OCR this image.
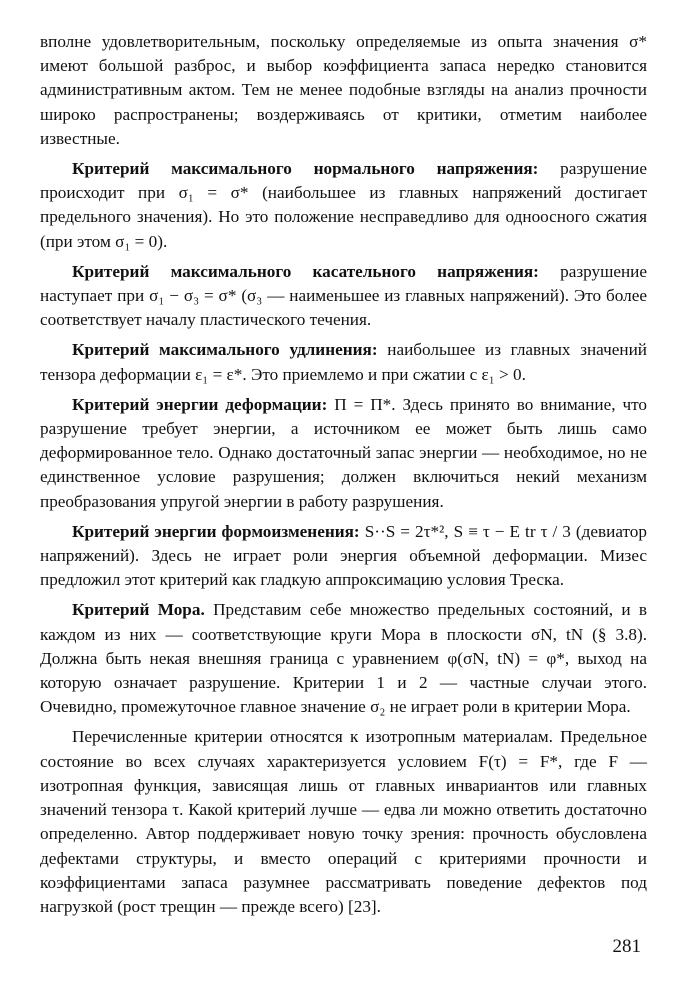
вполне удовлетворительным, поскольку определяемые из опыта значения σ* имеют большой разброс, и выбор коэффициента запаса нередко становится административным актом. Тем не менее подобные взгляды на анализ прочности широко распространены; воздерживаясь от критики, отметим наиболее известные.

Критерий максимального нормального напряжения: разрушение происходит при σ₁ = σ* (наибольшее из главных напряжений достигает предельного значения). Но это положение несправедливо для одноосного сжатия (при этом σ₁ = 0).

Критерий максимального касательного напряжения: разрушение наступает при σ₁ − σ₃ = σ* (σ₃ — наименьшее из главных напряжений). Это более соответствует началу пластического течения.

Критерий максимального удлинения: наибольшее из главных значений тензора деформации ε₁ = ε*. Это приемлемо и при сжатии с ε₁ > 0.

Критерий энергии деформации: Π = Π*. Здесь принято во внимание, что разрушение требует энергии, а источником ее может быть лишь само деформированное тело. Однако достаточный запас энергии — необходимое, но не единственное условие разрушения; должен включиться некий механизм преобразования упругой энергии в работу разрушения.

Критерий энергии формоизменения: S··S = 2τ*², S ≡ τ − E tr τ / 3 (девиатор напряжений). Здесь не играет роли энергия объемной деформации. Мизес предложил этот критерий как гладкую аппроксимацию условия Треска.

Критерий Мора. Представим себе множество предельных состояний, и в каждом из них — соответствующие круги Мора в плоскости σN, tN (§ 3.8). Должна быть некая внешняя граница с уравнением φ(σN, tN) = φ*, выход на которую означает разрушение. Критерии 1 и 2 — частные случаи этого. Очевидно, промежуточное главное значение σ₂ не играет роли в критерии Мора.

Перечисленные критерии относятся к изотропным материалам. Предельное состояние во всех случаях характеризуется условием F(τ) = F*, где F — изотропная функция, зависящая лишь от главных инвариантов или главных значений тензора τ. Какой критерий лучше — едва ли можно ответить достаточно определенно. Автор поддерживает новую точку зрения: прочность обусловлена дефектами структуры, и вместо операций с критериями прочности и коэффициентами запаса разумнее рассматривать поведение дефектов под нагрузкой (рост трещин — прежде всего) [23].

281
